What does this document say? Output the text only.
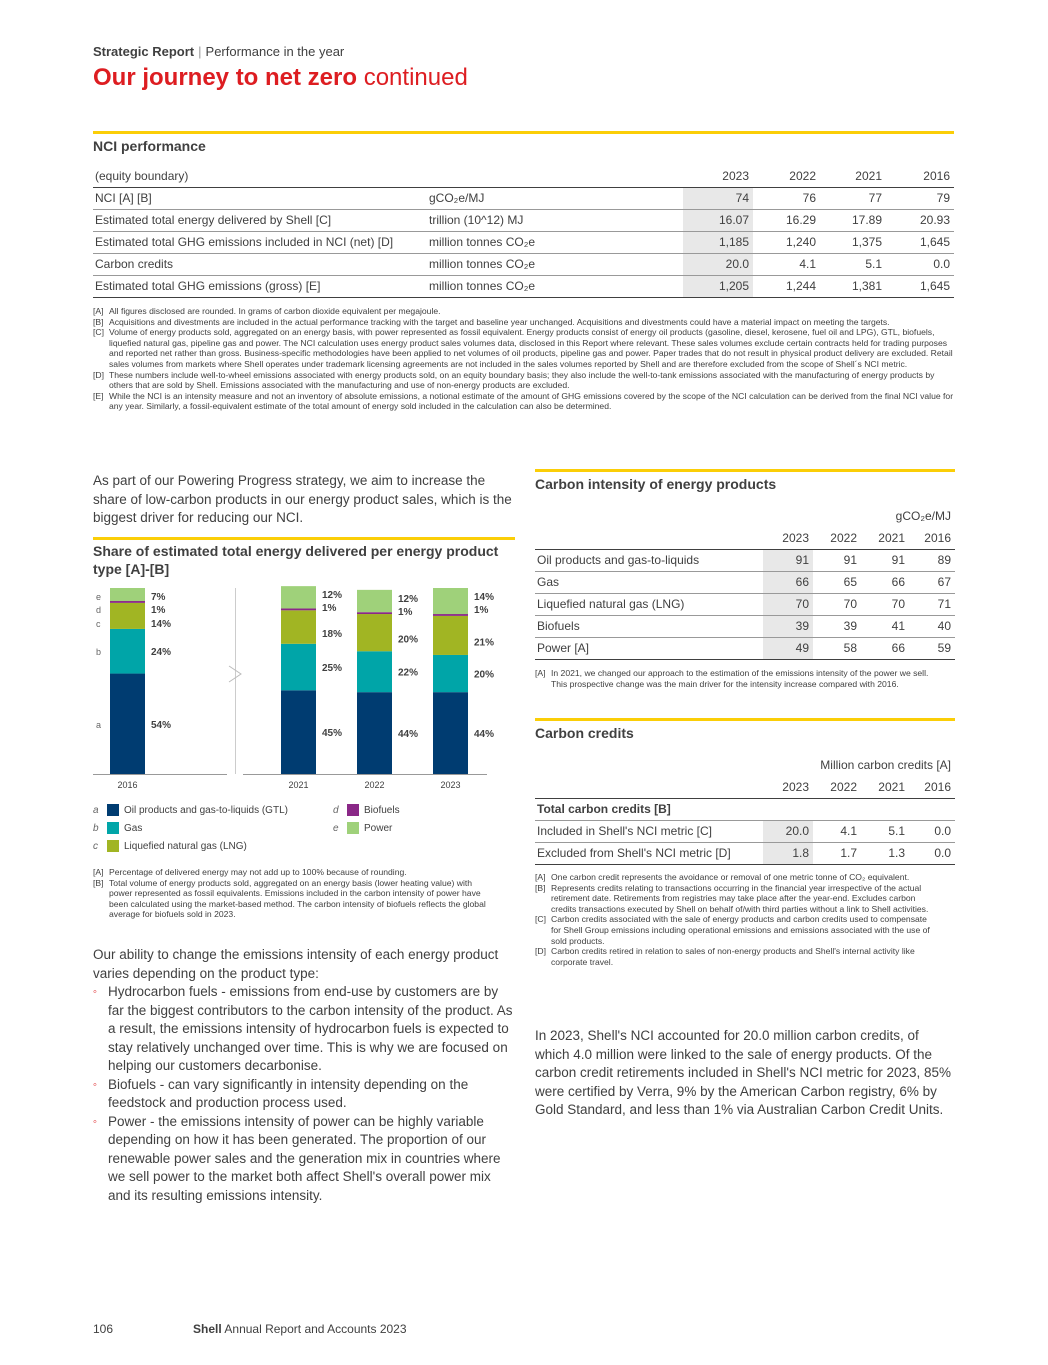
Strategic Report | Performance in the year
Our journey to net zero continued
NCI performance
(equity boundary)		2023	2022	2021	2016
NCI [A] [B]	gCO₂e/MJ	74	76	77	79
Estimated total energy delivered by Shell [C]	trillion (10^12) MJ	16.07	16.29	17.89	20.93
Estimated total GHG emissions included in NCI (net) [D]	million tonnes CO₂e	1,185	1,240	1,375	1,645
Carbon credits	million tonnes CO₂e	20.0	4.1	5.1	0.0
Estimated total GHG emissions (gross) [E]	million tonnes CO₂e	1,205	1,244	1,381	1,645
[A] All figures disclosed are rounded. In grams of carbon dioxide equivalent per megajoule.
[B] Acquisitions and divestments are included in the actual performance tracking with the target and baseline year unchanged. Acquisitions and divestments could have a material impact on meeting the targets.
[C] Volume of energy products sold, aggregated on an energy basis, with power represented as fossil equivalent. Energy products consist of energy oil products (gasoline, diesel, kerosene, fuel oil and LPG), GTL, biofuels, liquefied natural gas, pipeline gas and power. The NCI calculation uses energy product sales volumes data, disclosed in this Report where relevant. These sales volumes exclude certain contracts held for trading purposes and reported net rather than gross. Business-specific methodologies have been applied to net volumes of oil products, pipeline gas and power. Paper trades that do not result in physical product delivery are excluded. Retail sales volumes from markets where Shell operates under trademark licensing agreements are not included in the sales volumes reported by Shell and are therefore excluded from the scope of Shell´s NCI metric.
[D] These numbers include well-to-wheel emissions associated with energy products sold, on an equity boundary basis; they also include the well-to-tank emissions associated with the manufacturing of energy products by others that are sold by Shell. Emissions associated with the manufacturing and use of non-energy products are excluded.
[E] While the NCI is an intensity measure and not an inventory of absolute emissions, a notional estimate of the amount of GHG emissions covered by the scope of the NCI calculation can be derived from the final NCI value for any year. Similarly, a fossil-equivalent estimate of the total amount of energy sold included in the calculation can also be determined.
As part of our Powering Progress strategy, we aim to increase the share of low-carbon products in our energy product sales, which is the biggest driver for reducing our NCI.
Share of estimated total energy delivered per energy product type [A]-[B]
2016
54%
24%
14%
1%
7%
a
b
c
d
e
2021
45%
25%
18%
1%
12%
2022
44%
22%
20%
1%
12%
2023
44%
20%
21%
1%
14%
a	Oil products and gas-to-liquids (GTL)
b	Gas
c	Liquefied natural gas (LNG)
d	Biofuels
e	Power
[A] Percentage of delivered energy may not add up to 100% because of rounding.
[B] Total volume of energy products sold, aggregated on an energy basis (lower heating value) with power represented as fossil equivalents. Emissions included in the carbon intensity of power have been calculated using the market-based method. The carbon intensity of biofuels reflects the global average for biofuels sold in 2023.
Our ability to change the emissions intensity of each energy product varies depending on the product type:
◦ Hydrocarbon fuels - emissions from end-use by customers are by far the biggest contributors to the carbon intensity of the product. As a result, the emissions intensity of hydrocarbon fuels is expected to stay relatively unchanged over time. This is why we are focused on helping our customers decarbonise.
◦ Biofuels - can vary significantly in intensity depending on the feedstock and production process used.
◦ Power - the emissions intensity of power can be highly variable depending on how it has been generated. The proportion of our renewable power sales and the generation mix in countries where we sell power to the market both affect Shell's overall power mix and its resulting emissions intensity.
Carbon intensity of energy products
gCO₂e/MJ				
	2023	2022	2021	2016
Oil products and gas-to-liquids	91	91	91	89
Gas	66	65	66	67
Liquefied natural gas (LNG)	70	70	70	71
Biofuels	39	39	41	40
Power [A]	49	58	66	59
[A] In 2021, we changed our approach to the estimation of the emissions intensity of the power we sell. This prospective change was the main driver for the intensity increase compared with 2016.
Carbon credits
Million carbon credits [A]				
	2023	2022	2021	2016
Total carbon credits [B]				
Included in Shell's NCI metric [C]	20.0	4.1	5.1	0.0
Excluded from Shell's NCI metric [D]	1.8	1.7	1.3	0.0
[A] One carbon credit represents the avoidance or removal of one metric tonne of CO₂ equivalent.
[B] Represents credits relating to transactions occurring in the financial year irrespective of the actual retirement date. Retirements from registries may take place after the year-end. Excludes carbon credits transactions executed by Shell on behalf of/with third parties without a link to Shell activities.
[C] Carbon credits associated with the sale of energy products and carbon credits used to compensate for Shell Group emissions including operational emissions and emissions associated with the use of sold products.
[D] Carbon credits retired in relation to sales of non-energy products and Shell's internal activity like corporate travel.
In 2023, Shell's NCI accounted for 20.0 million carbon credits, of which 4.0 million were linked to the sale of energy products. Of the carbon credit retirements included in Shell's NCI metric for 2023, 85% were certified by Verra, 9% by the American Carbon registry, 6% by Gold Standard, and less than 1% via Australian Carbon Credit Units.
106	Shell Annual Report and Accounts 2023
